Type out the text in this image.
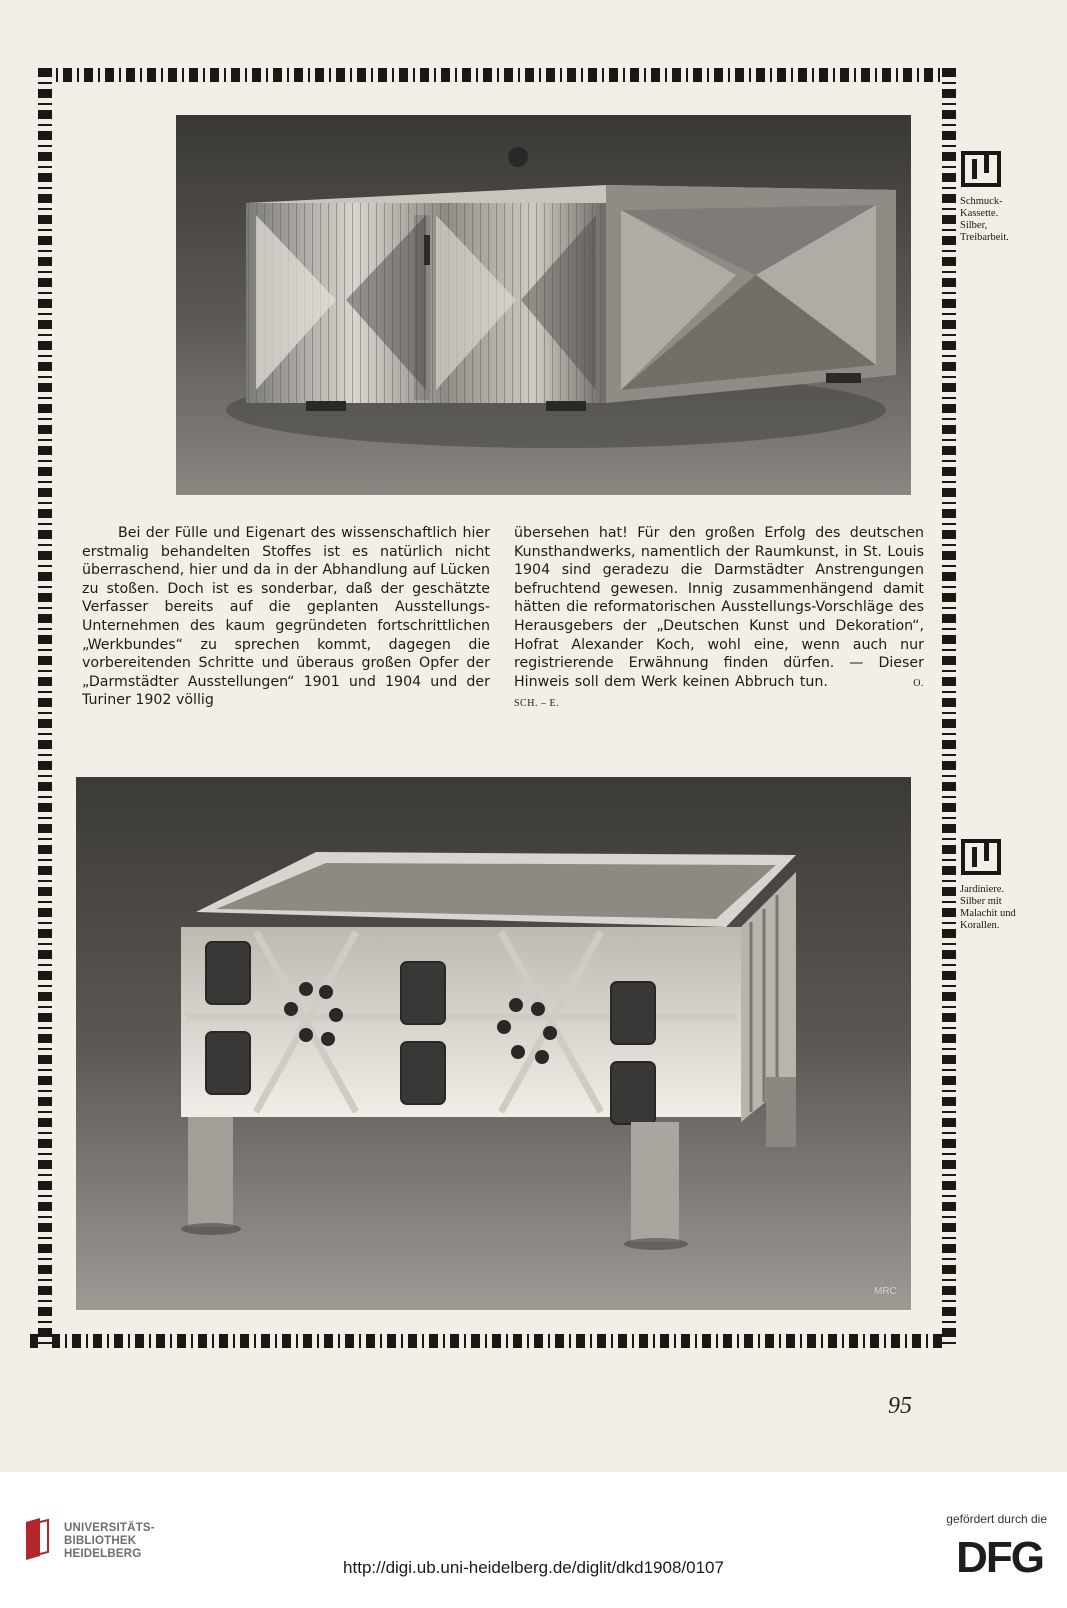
Schmuck-
Kassette.
Silber,
Treibarbeit.

Bei der Fülle und Eigenart des wissenschaftlich hier erstmalig behandelten Stoffes ist es natürlich nicht überraschend, hier und da in der Abhandlung auf Lücken zu stoßen. Doch ist es sonderbar, daß der geschätzte Verfasser bereits auf die geplanten Ausstellungs-Unternehmen des kaum gegründeten fortschrittlichen „Werkbundes“ zu sprechen kommt, dagegen die vorbereitenden Schritte und überaus großen Opfer der „Darmstädter Ausstellungen“ 1901 und 1904 und der Turiner 1902 völlig

übersehen hat! Für den großen Erfolg des deutschen Kunsthandwerks, namentlich der Raumkunst, in St. Louis 1904 sind geradezu die Darmstädter Anstrengungen befruchtend gewesen. Innig zusammenhängend damit hätten die reformatorischen Ausstellungs-Vorschläge des Herausgebers der „Deutschen Kunst und Dekoration“, Hofrat Alexander Koch, wohl eine, wenn auch nur registrierende Erwähnung finden dürfen. — Dieser Hinweis soll dem Werk keinen Abbruch tun.	O. SCH. – E.

MRC
Jardiniere.
Silber mit
Malachit und
Korallen.
95
UNIVERSITÄTS-
BIBLIOTHEK
HEIDELBERG
http://digi.ub.uni-heidelberg.de/diglit/dkd1908/0107
gefördert durch die
DFG
